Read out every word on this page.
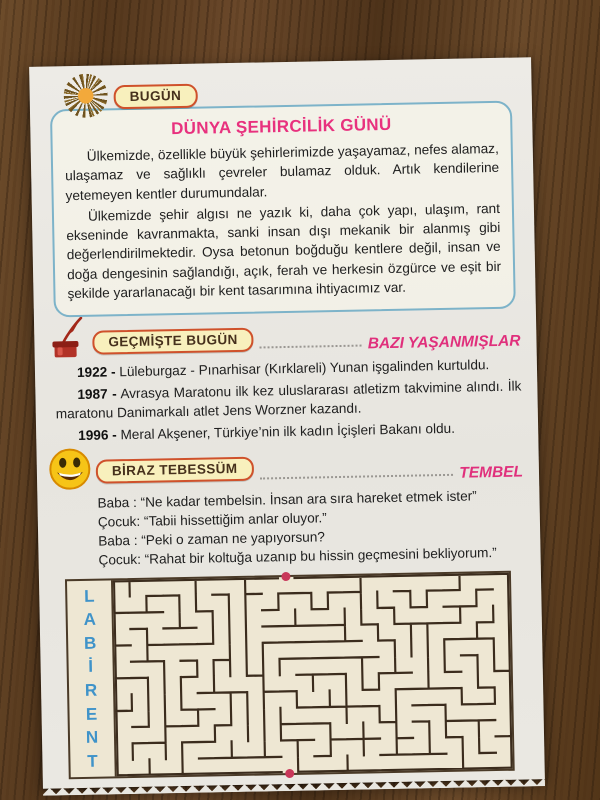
BUGÜN
DÜNYA ŞEHİRCİLİK GÜNÜ

Ülkemizde, özellikle büyük şehirlerimizde yaşayamaz, nefes alamaz, ulaşamaz ve sağlıklı çevreler bulamaz olduk. Artık kendilerine yetemeyen kentler durumundalar.

Ülkemizde şehir algısı ne yazık ki, daha çok yapı, ulaşım, rant ekseninde kavranmakta, sanki insan dışı mekanik bir alanmış gibi değerlendirilmektedir. Oysa betonun boğduğu kentlere değil, insan ve doğa dengesinin sağlandığı, açık, ferah ve herkesin özgürce ve eşit bir şekilde yararlanacağı bir kent tasarımına ihtiyacımız var.

GEÇMİŞTE BUGÜN	BAZI YAŞANMIŞLAR

1922 - Lüleburgaz - Pınarhisar (Kırklareli) Yunan işgalinden kurtuldu.

1987 - Avrasya Maratonu ilk kez uluslararası atletizm takvimine alındı. İlk maratonu Danimarkalı atlet Jens Worzner kazandı.

1996 - Meral Akşener, Türkiye’nin ilk kadın İçişleri Bakanı oldu.

BİRAZ TEBESSÜM	TEMBEL

Baba : “Ne kadar tembelsin. İnsan ara sıra hareket etmek ister”

Çocuk: “Tabii hissettiğim anlar oluyor.”

Baba : “Peki o zaman ne yapıyorsun?

Çocuk: “Rahat bir koltuğa uzanıp bu hissin geçmesini bekliyorum.”

L
A
B
İ
R
E
N
T
